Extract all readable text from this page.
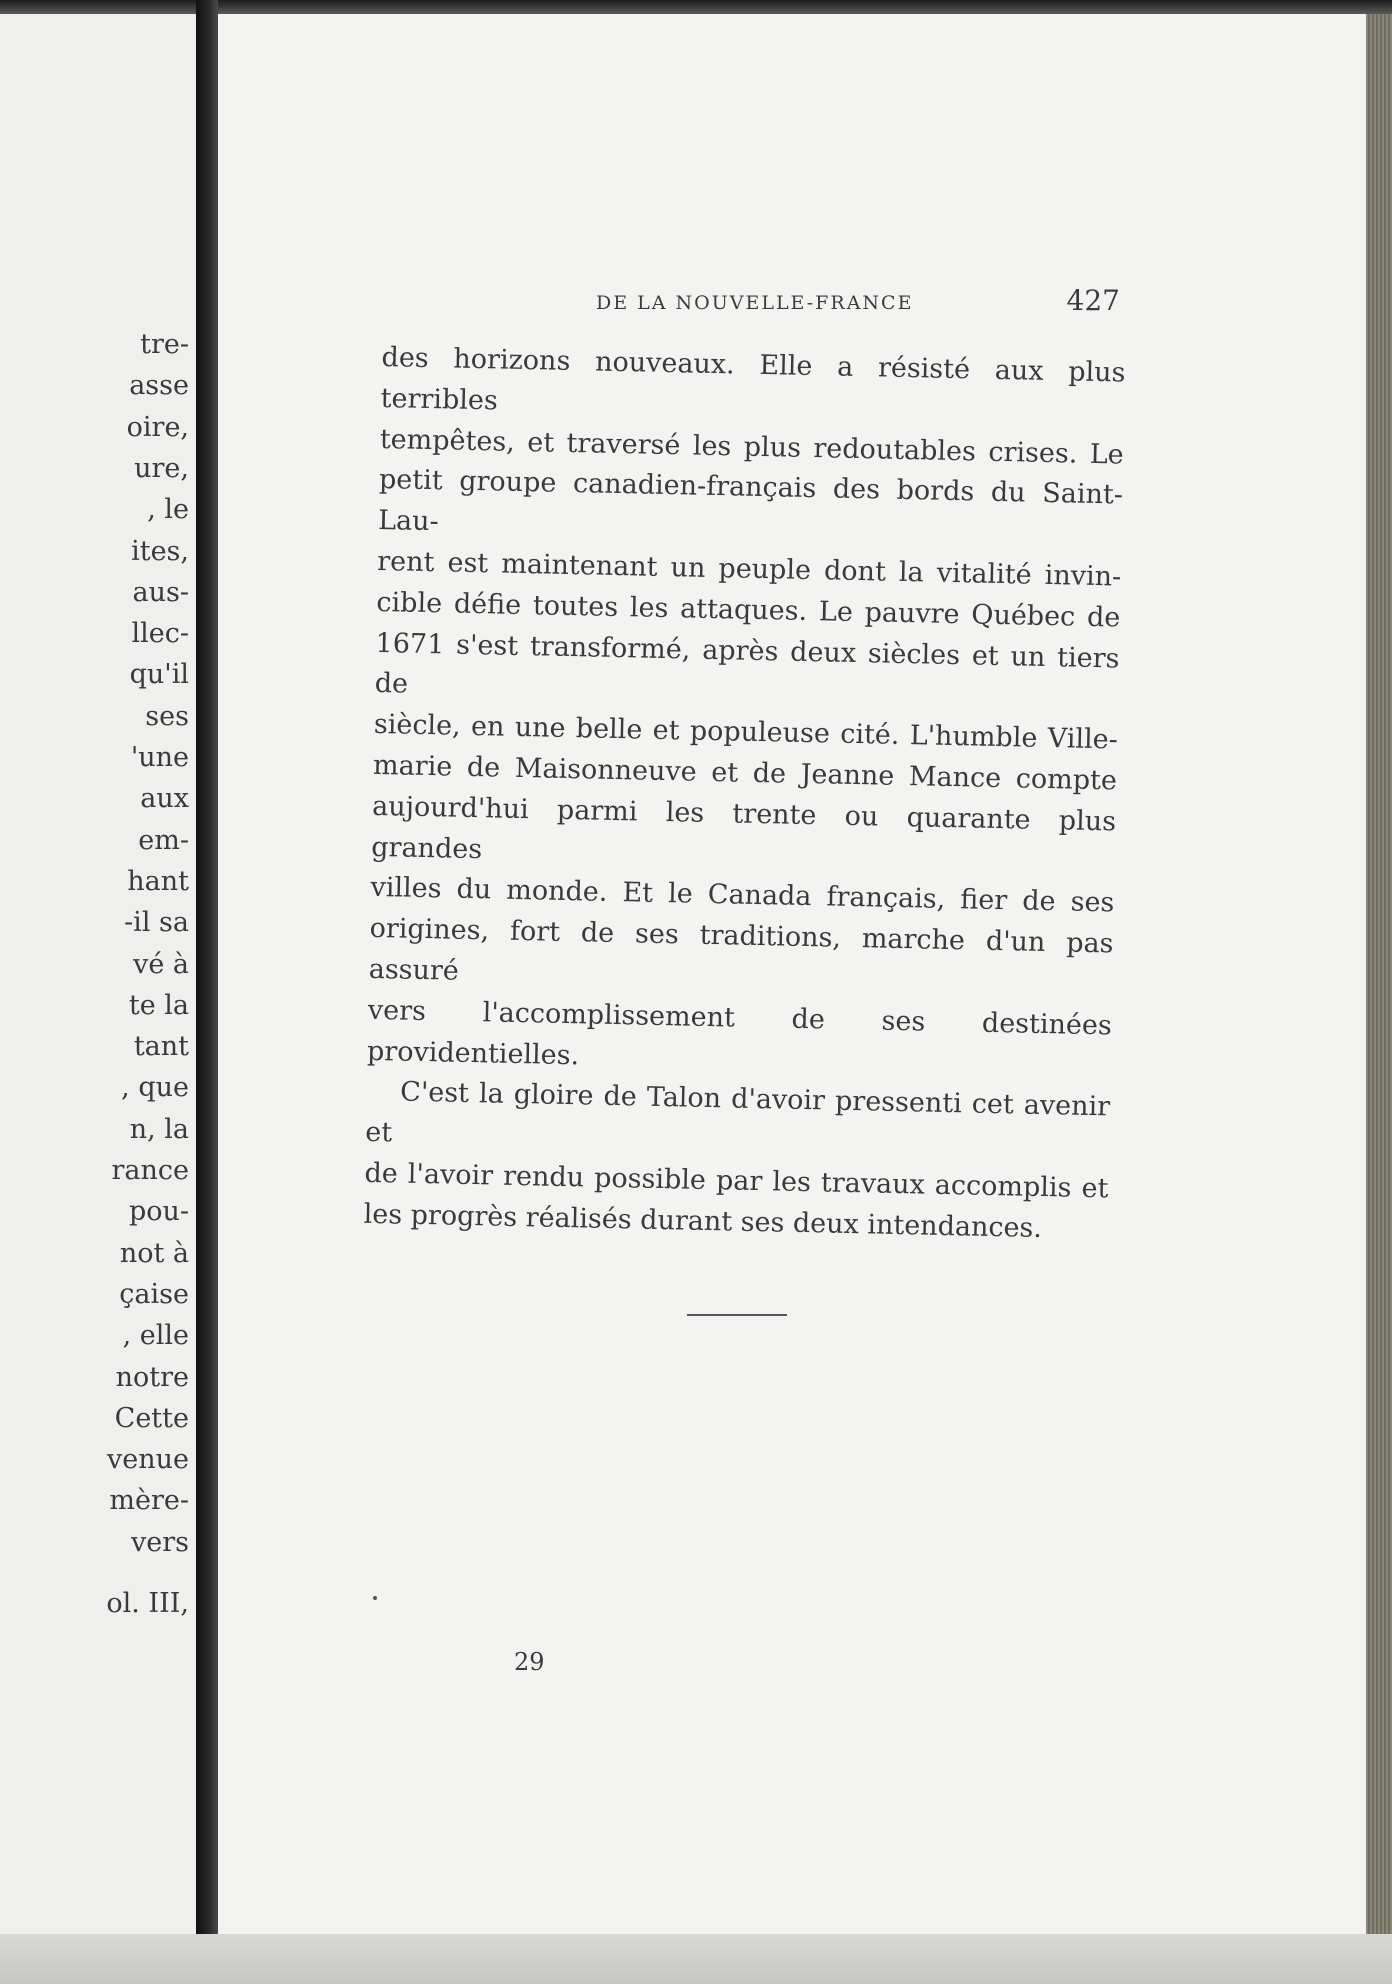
tre-
asse
oire,
ure,
, le
ites,
aus-
llec-
qu'il
ses
'une
aux
em-
hant
-il sa
vé à
te la
tant
, que
n, la
rance
pou-
not à
çaise
, elle
notre
Cette
venue
mère-
vers
ol. III,
DE LA NOUVELLE-FRANCE	427

des horizons nouveaux. Elle a résisté aux plus terribles
tempêtes, et traversé les plus redoutables crises. Le
petit groupe canadien-français des bords du Saint-Lau-
rent est maintenant un peuple dont la vitalité invin-
cible défie toutes les attaques. Le pauvre Québec de
1671 s'est transformé, après deux siècles et un tiers de
siècle, en une belle et populeuse cité. L'humble Ville-
marie de Maisonneuve et de Jeanne Mance compte
aujourd'hui parmi les trente ou quarante plus grandes
villes du monde. Et le Canada français, fier de ses
origines, fort de ses traditions, marche d'un pas assuré
vers l'accomplissement de ses destinées providentielles.

C'est la gloire de Talon d'avoir pressenti cet avenir et
de l'avoir rendu possible par les travaux accomplis et
les progrès réalisés durant ses deux intendances.

29
